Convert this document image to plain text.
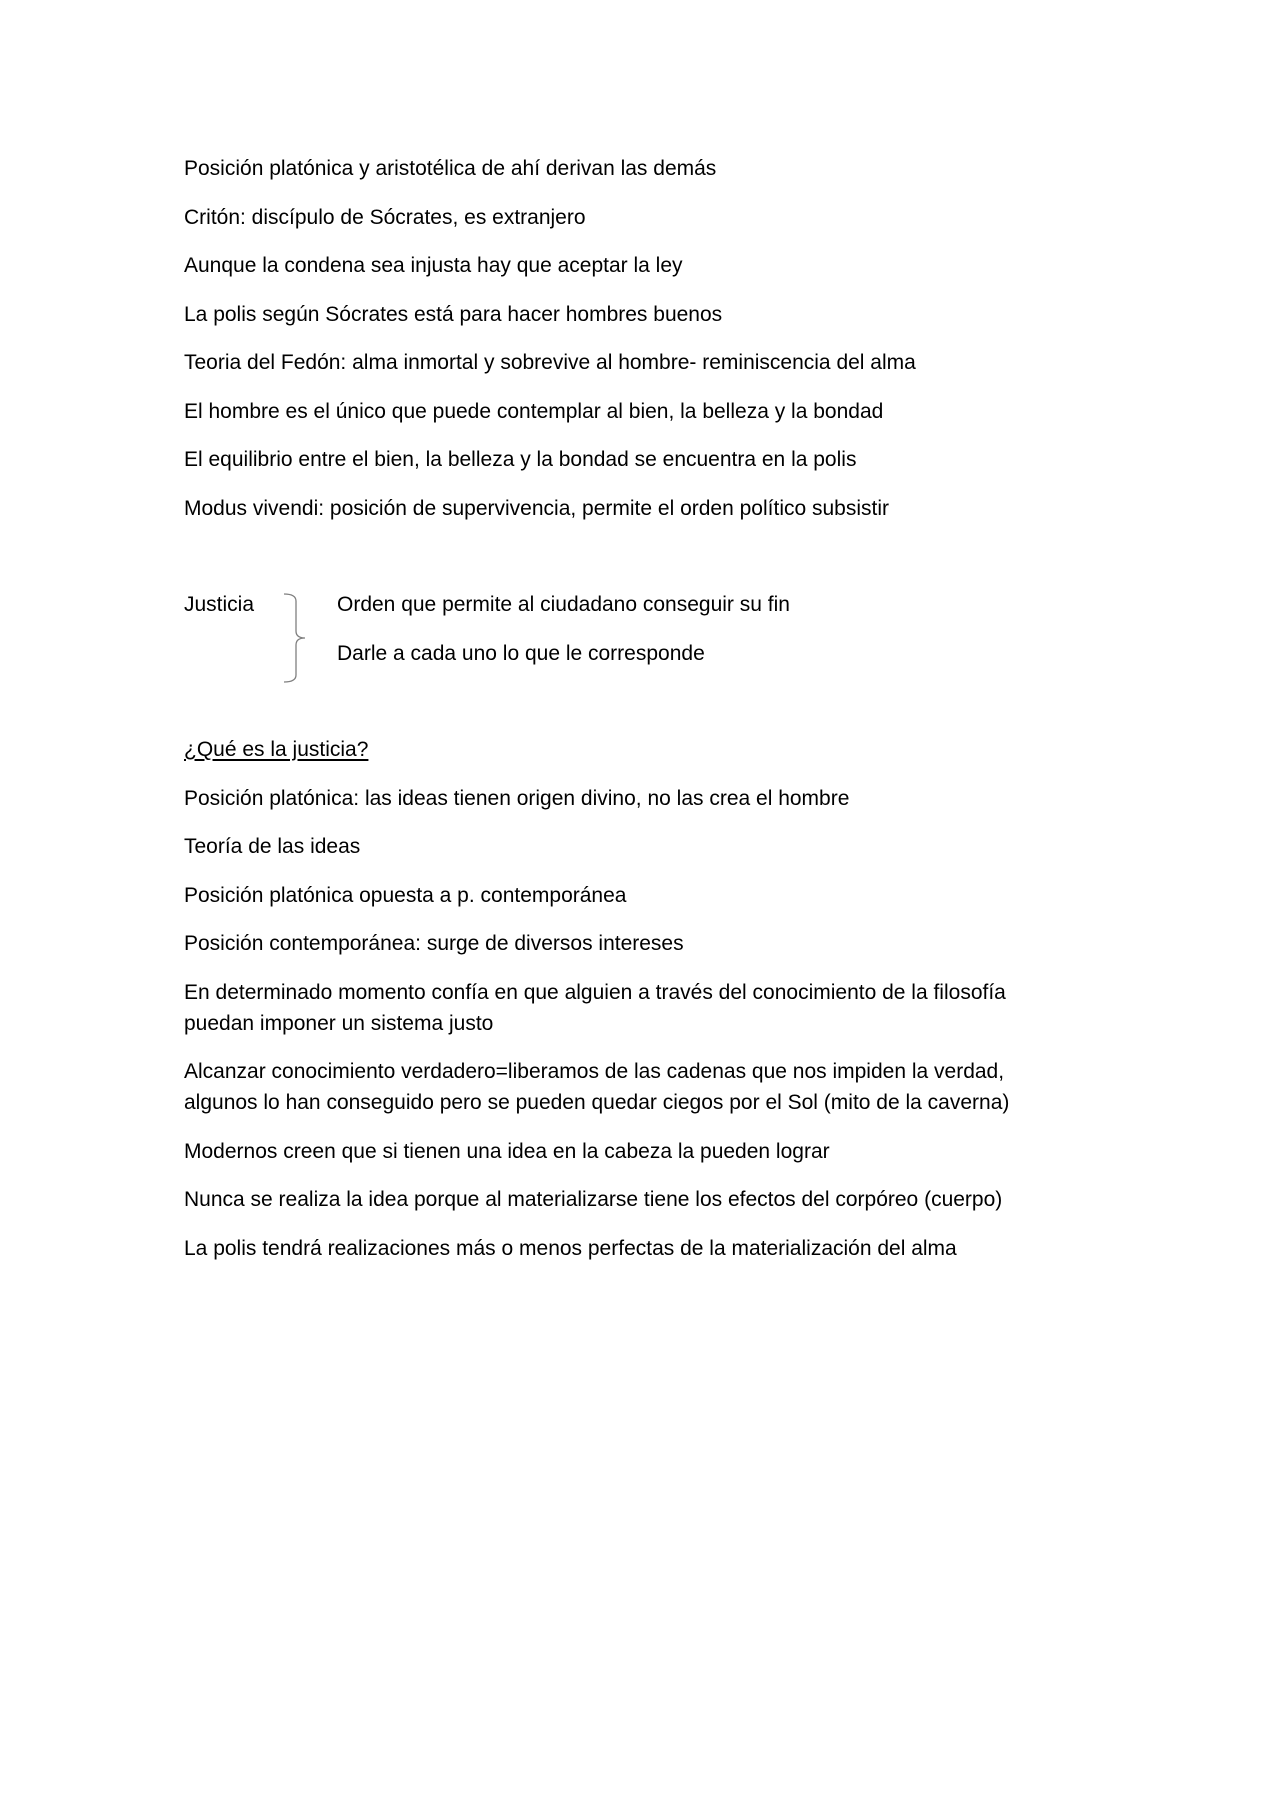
Posición platónica y aristotélica de ahí derivan las demás

Critón: discípulo de Sócrates, es extranjero

Aunque la condena sea injusta hay que aceptar la ley

La polis según Sócrates está para hacer hombres buenos

Teoria del Fedón: alma inmortal y sobrevive al hombre- reminiscencia del alma

El hombre es el único que puede contemplar al bien, la belleza y la bondad

El equilibrio entre el bien, la belleza y la bondad se encuentra en la polis

Modus vivendi: posición de supervivencia, permite el orden político subsistir

Justicia	Orden que permite al ciudadano conseguir su fin

Darle a cada uno lo que le corresponde

¿Qué es la justicia?

Posición platónica: las ideas tienen origen divino, no las crea el hombre

Teoría de las ideas

Posición platónica opuesta a p. contemporánea

Posición contemporánea: surge de diversos intereses

En determinado momento confía en que alguien a través del conocimiento de la filosofía puedan imponer un sistema justo

Alcanzar conocimiento verdadero=liberamos de las cadenas que nos impiden la verdad, algunos lo han conseguido pero se pueden quedar ciegos por el Sol (mito de la caverna)

Modernos creen que si tienen una idea en la cabeza la pueden lograr

Nunca se realiza la idea porque al materializarse tiene los efectos del corpóreo (cuerpo)

La polis tendrá realizaciones más o menos perfectas de la materialización del alma
